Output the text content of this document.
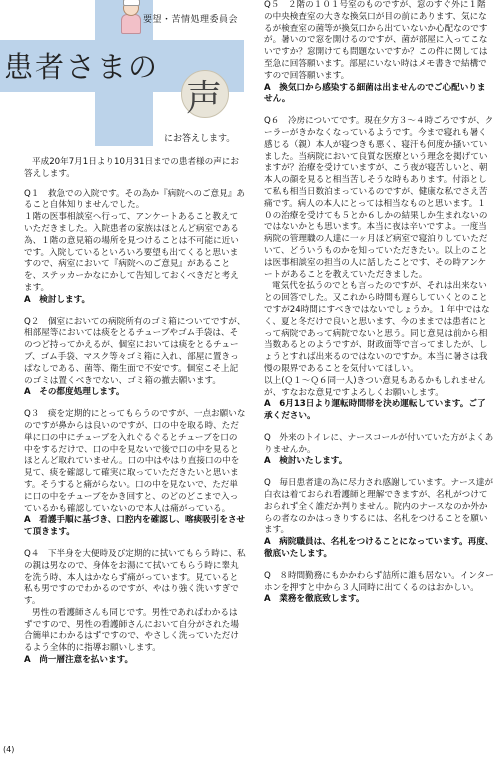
要望・苦情処理委員会
患者さまの
声
にお答えします。

平成20年7月1日より10月31日までの患者様の声にお答えします。

Q１　救急での入院です。その為か『病院へのご意見』あること自体知りませんでした。

１階の医事相談室へ行って、アンケートあること教えていただきました。入院患者の家族はほとんど病室である為、１階の意見箱の場所を見つけることは不可能に近いです。入院しているといろいろ要望も出てくると思いますので、病室において『病院へのご意見』があることを、ステッカーかなにかして告知しておくべきだと考えます。

A　検討します。

Q２　個室においての病院所有のゴミ箱についてですが、相部屋等においては痰をとるチューブやゴム手袋は、そのつど持ってかえるが、個室においては痰をとるチューブ、ゴム手袋、マスク等々ゴミ箱に入れ、部屋に置きっぱなしである、菌等、衛生面で不安です。個室こそ上記のゴミは置くべきでない、ゴミ箱の撤去願います。

A　その都度処理します。

Q３　痰を定期的にとってもらうのですが、一点お願いなのですが鼻からは良いのですが、口の中を取る時、ただ単に口の中にチューブを入れぐるぐるとチューブを口の中をするだけで、口の中を見ないで後で口の中を見るとほとんど取れていません。口の中はやはり直接口の中を見て、痰を確認して確実に取っていただきたいと思います。そうすると痛がらない。口の中を見ないで、ただ単に口の中をチューブをかき回すと、のどのどこまで入っているかも確認していないので本人は痛がっている。

A　看護手順に基づき、口腔内を確認し、喀痰吸引をさせて頂きます。

Q４　下半身を大便時及び定期的に拭いてもらう時に、私の親は男なので、身体をお湯にて拭いてもらう時に睾丸を洗う時、本人はかならず痛がっています。見ていると私も男ですのでわかるのですが、やはり強く洗いすぎです。

男性の看護師さんも同じです。男性であればわかるはずですので、男性の看護師さんにおいて自分がされた場合簡単にわかるはずですので、やさしく洗っていただけるよう全体的に指導お願いします。

A　尚一層注意を払います。

Q５　２階の１０１号室のものですが、窓のすぐ外に１階の中央検査室の大きな換気口が目の前にあります、気になるが検査室の菌等が換気口から出ていないか心配なのですが。暑いので窓を開けるのですが、菌が部屋に入ってこないですか？窓開けても問題ないですか？この件に関しては至急に回答願います。部屋にいない時はメモ書きで結構ですので回答願います。

A　換気口から感染する細菌は出ませんのでご心配いりません。

Q６　冷房についてです。現在夕方３～４時ごろですが、クーラーがきかなくなっているようです。今まで寝れも暑く感じる（親）本人が寝つきも悪く、寝汗も何度か搔いていました。当病院において良質な医療という理念を掲げていますが？治療を受けていますが、こう夜が寝苦しいと、朝本人の顔を見ると相当苦しそうな時もあります。付添として私も相当日数泊まっているのですが、健康な私でさえ苦痛です。病人の本人にとっては相当なものと思います。１０の治療を受けても５とか６しかの結果しか生まれないのではないかとも思います。本当に夜は辛いですよ。一度当病院の管理職の人達に一ヶ月ほど病室で寝泊りしていただいて、どういうものかを知っていただきたい。以上のことは医事相談室の担当の人に話したことです、その時アンケートがあることを教えていただきました。

電気代を払うのでとも言ったのですが、それは出来ないとの回答でした。又これから時間も遅らしていくとのことですが24時間にすべきではないでしょうか。１年中ではなく、夏と冬だけで良いと思います、今のままでは患者にとって病院であって病院でないと思う。同じ意見は前から相当数あるとのようですが、財政面等で言ってましたが、しょうとすれば出来るのではないのですか。本当に暑さは我慢の限界であることを気付いてほしい。

以上(Ｑ１～Ｑ６同一人)きつい意見もあるかもしれませんが、すなおな意見ですよろしくお願いします。

A　6月13日より運転時間帯を決め運転しています。ご了承ください。

Q　外来のトイレに、ナースコールが付いていた方がよくありませんか。

A　検討いたします。

Q　毎日患者達の為に尽力され感謝しています。ナース達が白衣は着ておられ看護師と理解できますが、名札がつけておられず全く誰だか判りません。院内のナースなのか外からの者なのかはっきりするには、名札をつけることを願います。

A　病院職員は、名札をつけることになっています。再度、徹底いたします。

Q　８時間勤務にもかかわらず詰所に誰も居ない。インターホンを押すと中から３人同時に出てくるのはおかしい。

A　業務を徹底致します。

(4)
